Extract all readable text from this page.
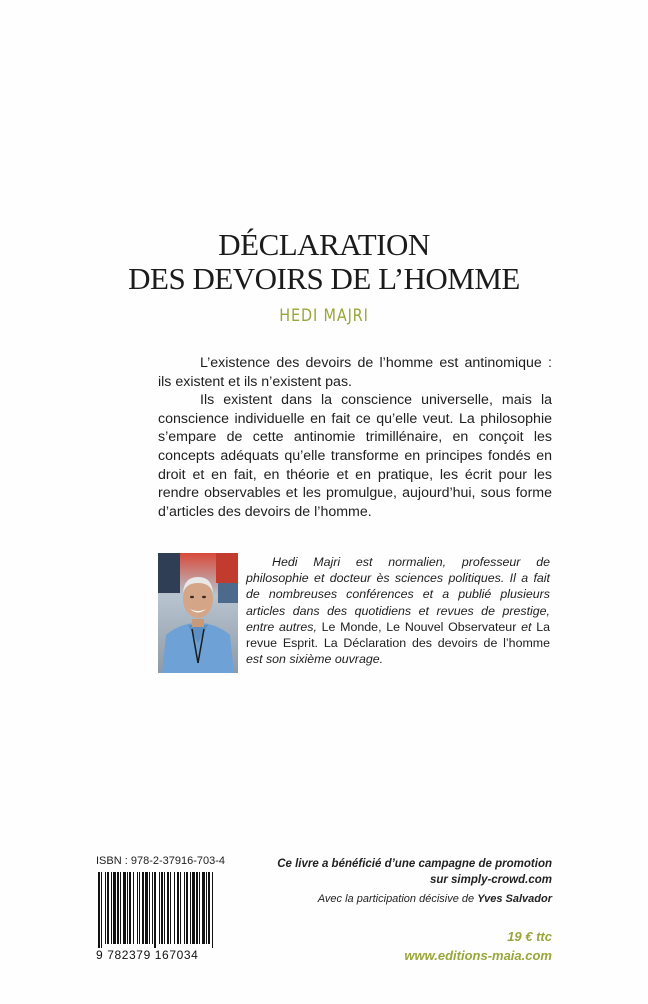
DÉCLARATION
DES DEVOIRS DE L’HOMME
HEDI MAJRI

L’existence des devoirs de l’homme est antinomique : ils existent et ils n’existent pas.

Ils existent dans la conscience universelle, mais la conscience individuelle en fait ce qu’elle veut. La philosophie s’empare de cette antinomie trimillénaire, en conçoit les concepts adéquats qu’elle transforme en principes fondés en droit et en fait, en théorie et en pratique, les écrit pour les rendre observables et les promulgue, aujourd’hui, sous forme d’articles des devoirs de l’homme.

Hedi Majri est normalien, professeur de philosophie et docteur ès sciences politiques. Il a fait de nombreuses conférences et a publié plusieurs articles dans des quotidiens et revues de prestige, entre autres, Le Monde, Le Nouvel Observateur et La revue Esprit. La Déclaration des devoirs de l’homme est son sixième ouvrage.
ISBN : 978-2-37916-703-4
9 782379 167034
Ce livre a bénéficié d’une campagne de promotion
sur simply-crowd.com
Avec la participation décisive de Yves Salvador
19 € ttc
www.editions-maia.com
